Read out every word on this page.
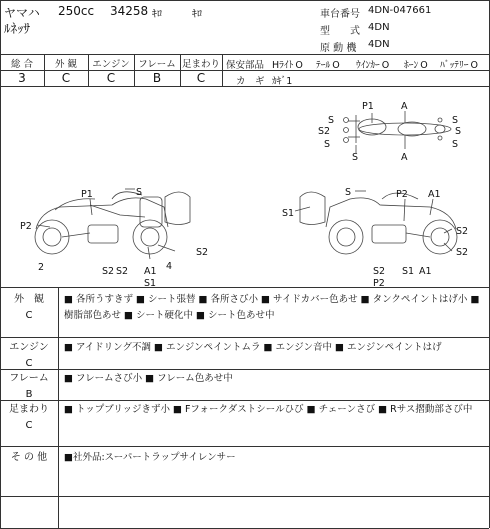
ヤマハ 250cc 34258 ｷﾛ	ｷﾛ
ﾙﾈｯｻ
車台番号 4DN-047661
型　　式 4DN
原 動 機 4DN
総 合	外 観	エンジン フレーム 足まわり
3	C	C	B	C
保安部品 Hﾗｲﾄ O ﾃｰﾙ O ｳｲﾝｶｰ O ﾎｰﾝ O ﾊﾞｯﾃﾘｰ O
カ　ギ ｶｷﾞ1
P1	A
S
S2
S
S
S
S
S
A
P1	S
P2
2	S2 S2 A1
S1
4
S2
S	P2 A1
S1
S2
S2
S2
P2
S1 A1
外　観
C
■ 各所うすきず ■ シート張替 ■ 各所さび小 ■ サイドカバー色あせ ■ タンクペイントはげ小 ■ 樹脂部色あせ ■ シート硬化中 ■ シート色あせ中
エンジン
C
■ アイドリング不調 ■ エンジンペイントムラ ■ エンジン音中 ■ エンジンペイントはげ
フレーム
B
■ フレームさび小 ■ フレーム色あせ中
足まわり
C
■ トップブリッジきず小 ■ Fフォークダストシールひび ■ チェーンさび ■ Rサス摺動部さび中
そ の 他	■社外品:スーパートラップサイレンサー
